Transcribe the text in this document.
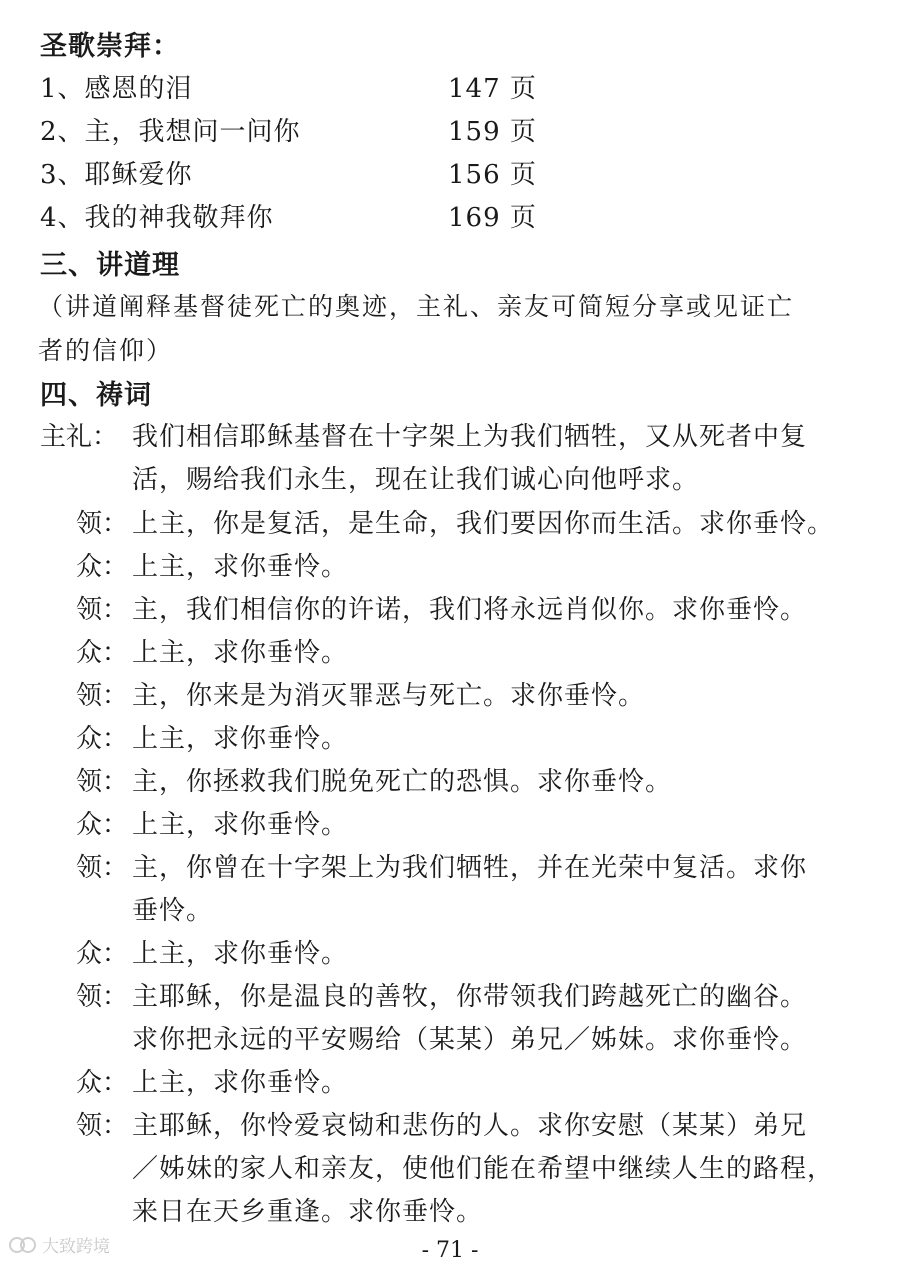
圣歌崇拜：
1、感恩的泪	147 页
2、主，我想问一问你	159 页
3、耶稣爱你	156 页
4、我的神我敬拜你	169 页
三、讲道理
（讲道阐释基督徒死亡的奥迹，主礼、亲友可简短分享或见证亡
者的信仰）
四、祷词
主礼： 我们相信耶稣基督在十字架上为我们牺牲，又从死者中复
活，赐给我们永生，现在让我们诚心向他呼求。
领： 上主，你是复活，是生命，我们要因你而生活。求你垂怜。
众： 上主，求你垂怜。
领： 主，我们相信你的许诺，我们将永远肖似你。求你垂怜。
众： 上主，求你垂怜。
领： 主，你来是为消灭罪恶与死亡。求你垂怜。
众： 上主，求你垂怜。
领： 主，你拯救我们脱免死亡的恐惧。求你垂怜。
众： 上主，求你垂怜。
领： 主，你曾在十字架上为我们牺牲，并在光荣中复活。求你
垂怜。
众： 上主，求你垂怜。
领： 主耶稣，你是温良的善牧，你带领我们跨越死亡的幽谷。
求你把永远的平安赐给（某某）弟兄／姊妹。求你垂怜。
众： 上主，求你垂怜。
领： 主耶稣，你怜爱哀恸和悲伤的人。求你安慰（某某）弟兄
／姊妹的家人和亲友，使他们能在希望中继续人生的路程，
来日在天乡重逢。求你垂怜。
- 71 -
大致跨境
